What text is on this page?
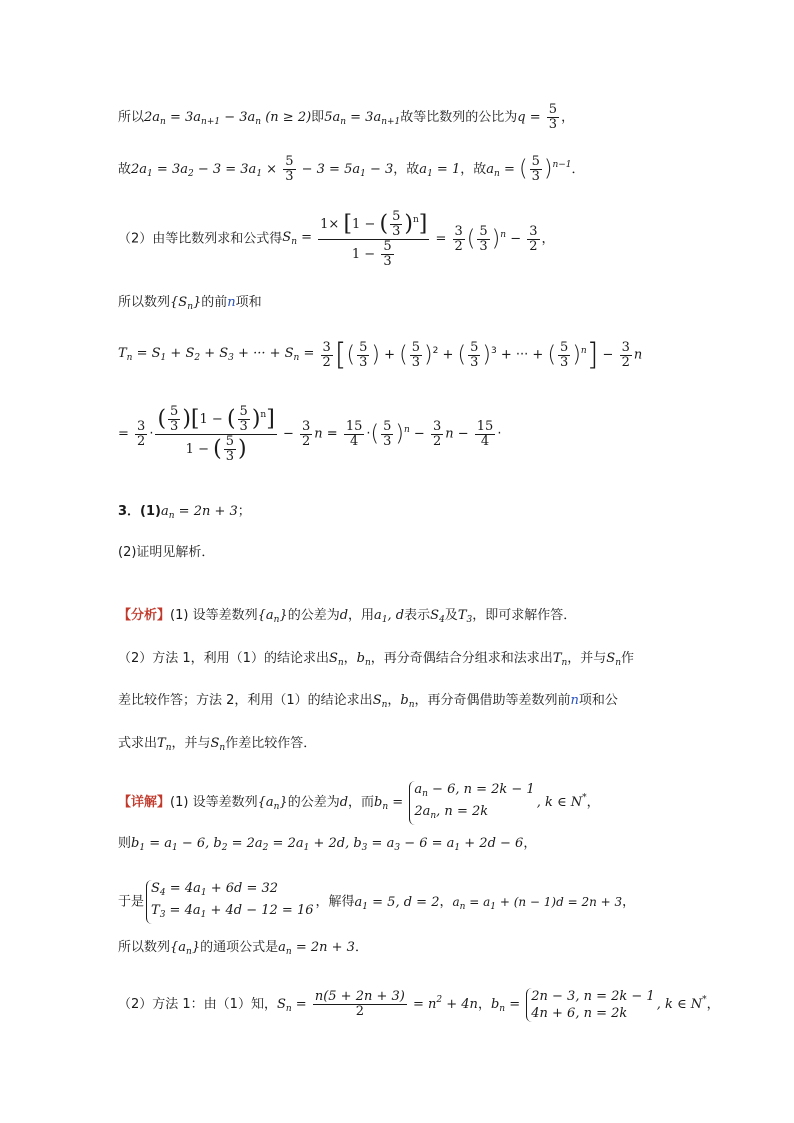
所以$2a_n = 3a_{n+1} - 3a_n$ (n ≥ 2)即$5a_n = 3a_{n+1}$故等比数列的公比为$q = \frac{5}{3}$ ，
故$2a_1 = 3a_2 - 3 = 3a_1 \times \frac{5}{3} - 3 = 5a_1 - 3$，故$a_1 = 1$，故$a_n$ = ( $\frac{5}{3} )^{n-1}$．
（2）由等比数列求和公式得$S_n = \frac{1\times [1 - ( \frac{5}{3} )^n]}{1 - \frac{5}{3}} = \frac{3}{2}$ ( $\frac{5}{3} )^n - \frac{3}{2}$ ，
所以数列$\{S_n\}$的前n项和
$T_n = S_1 + S_2 + S_3$ + ··· + $S_n = \frac{3}{2}$ [( $\frac{5}{3}$ ) + ( $\frac{5}{3} )^2$ + ( $\frac{5}{3} )^3$ + ··· + ( $\frac{5}{3} )^n] - \frac{3}{2}$ n
= $\frac{3}{2} \cdot \frac{( \frac{5}{3} )[1 - ( \frac{5}{3} )^n]}{1 - ( \frac{5}{3} )} - \frac{3}{2}$ $n = \frac{15}{4}$ ·( $\frac{5}{3} )^n - \frac{3}{2}$ $n - \frac{15}{4}$ ·
3．$(1)a_n = 2n + 3$；
(2)证明见解析．
【分析】(1) 设等差数列$\{a_n\}$的公差为d，用$a_1$, d表示$S_4$及$T_3$，即可求解作答．
（2）方法 1，利用（1）的结论求出$S_n$，$b_n$，再分奇偶结合分组求和法求出$T_n$，并与$S_n$作
差比较作答；方法 2，利用（1）的结论求出$S_n$，$b_n$，再分奇偶借助等差数列前n项和公
式求出$T_n$，并与$S_n$作差比较作答．
【详解】(1) 设等差数列$\{a_n\}$的公差为d，而$b_n$ =
$a_n - 6$, n = 2k − 1
$2a_n$, n = 2k
, k ∈ N*，
则$b_1 = a_1 - 6$, $b_2 = 2a_2 = 2a_1 + 2d$, $b_3 = a_3 - 6 = a_1 + 2d - 6$，
于是
$S_4 = 4a_1 + 6d = 32$
$T_3 = 4a_1 + 4d - 12 = 16$
，解得$a_1 = 5$, d = 2，$a_n = a_1 + (n - 1)d = 2n + 3$，
所以数列$\{a_n\}$的通项公式是$a_n = 2n + 3$．
（2）方法 1：由（1）知，$S_n = \frac{n(5 + 2n + 3)}{2} = n^2 + 4n$，$b_n$ =
2n − 3, n = 2k − 1
4n + 6, n = 2k
, k ∈ N*，
